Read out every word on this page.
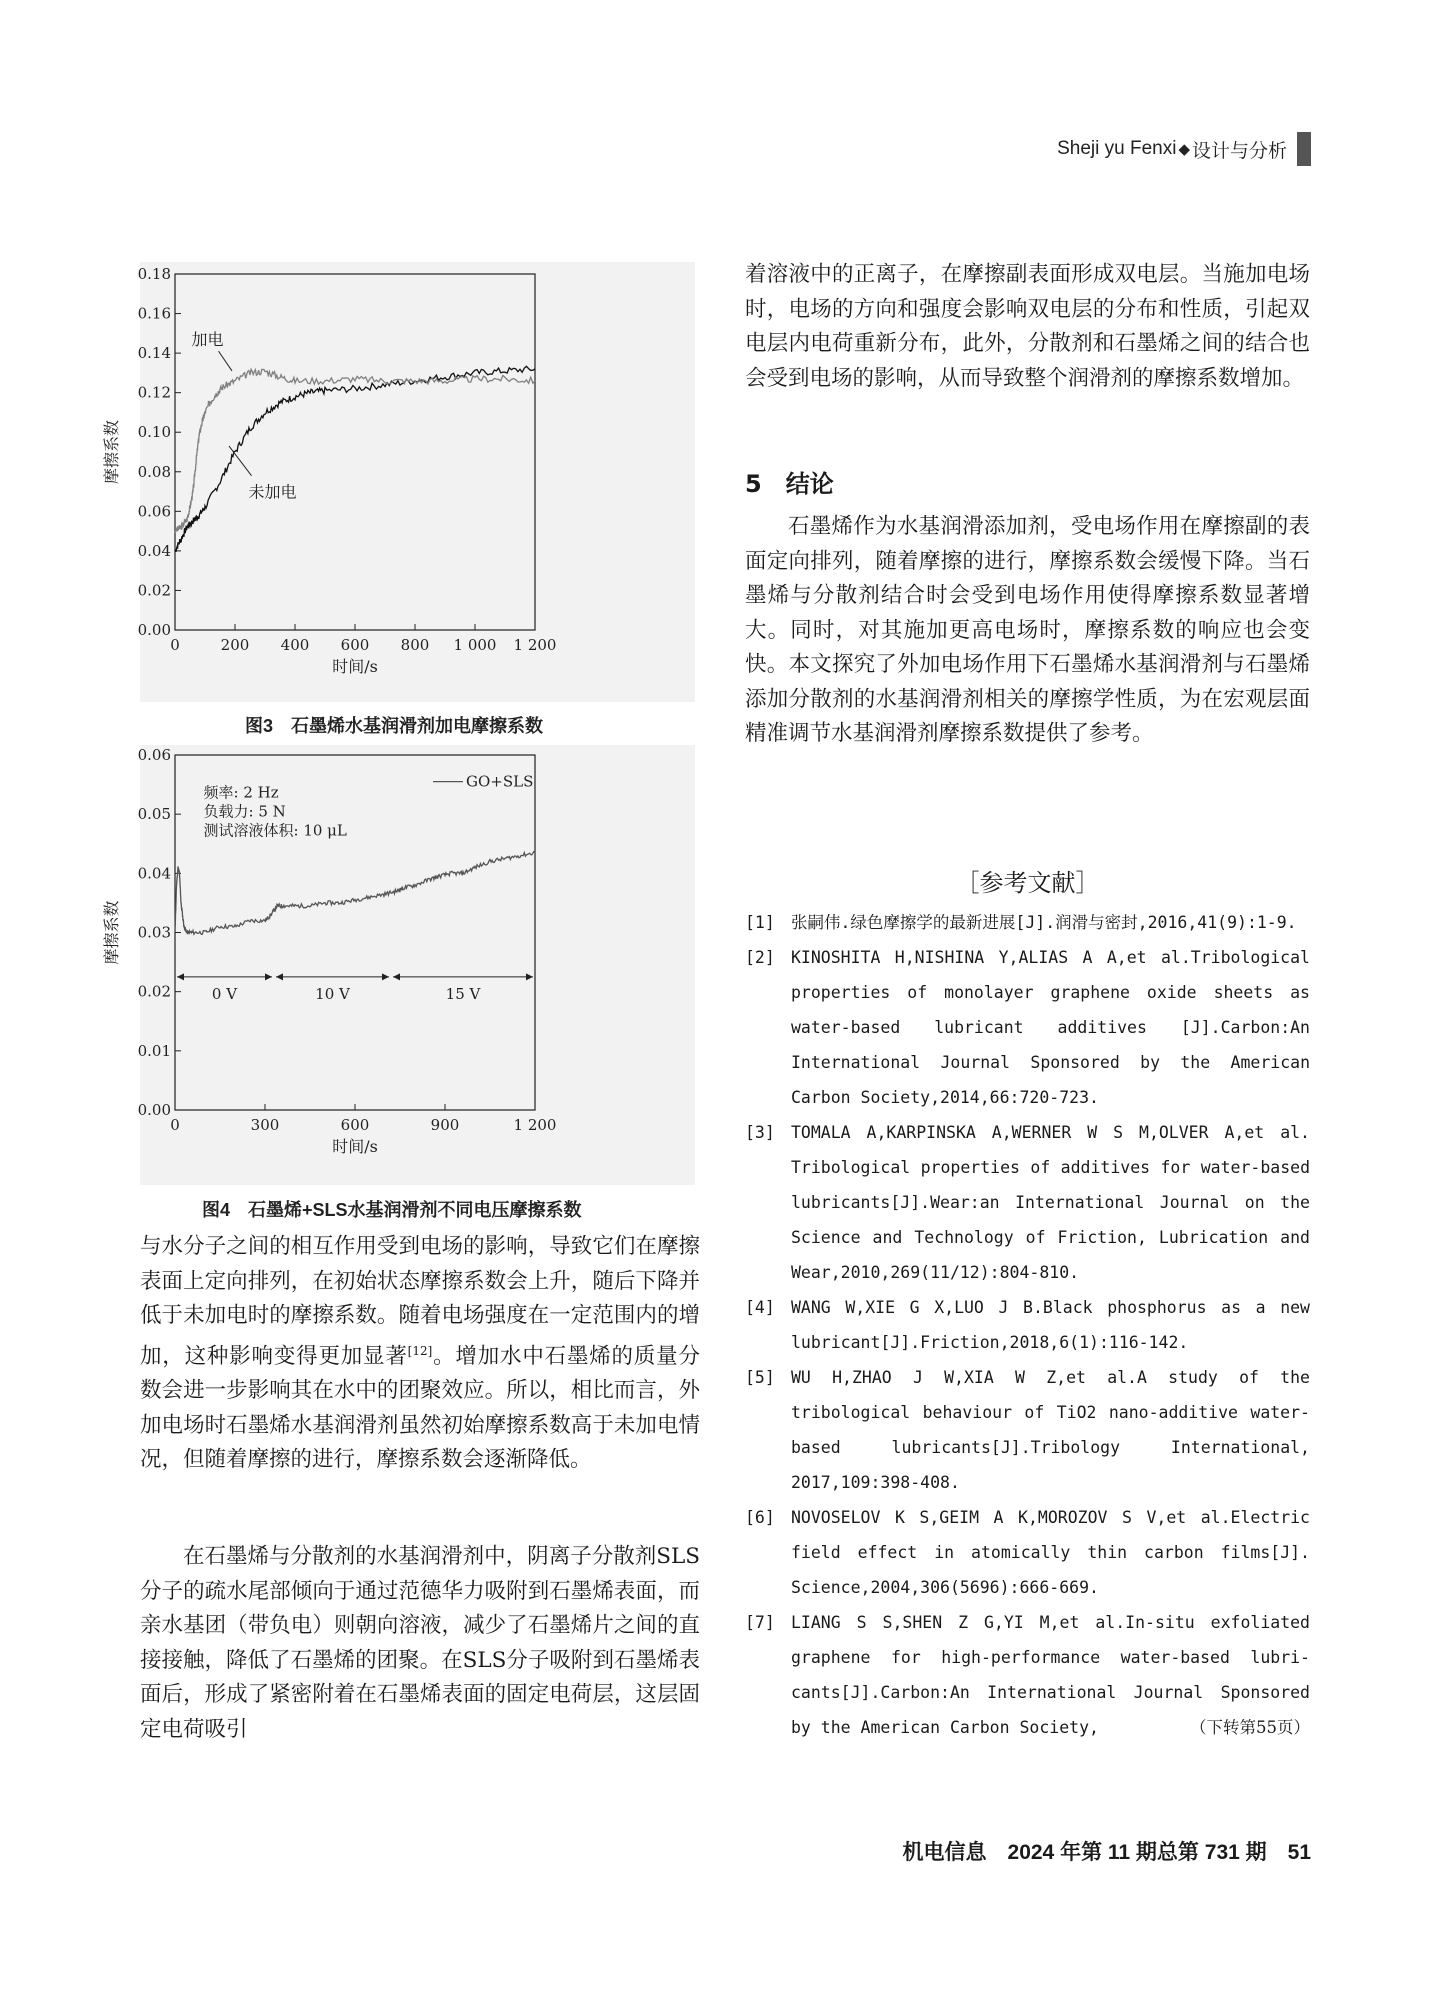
Sheji yu Fenxi ◆ 设计与分析
0	200 400 600 800 1 000 1 200
0.00
0.02
0.04
0.06
0.08
0.10
0.12
0.14
0.16
0.18
时间/s
摩擦系数
加电
未加电
图3　石墨烯水基润滑剂加电摩擦系数
0	300	600	900	1 200
0.00
0.01
0.02
0.03
0.04
0.05
0.06
时间/s
摩擦系数
GO+SLS
频率: 2 Hz
负载力: 5 N
测试溶液体积: 10 μL
0 V	10 V	15 V
图4　石墨烯+SLS水基润滑剂不同电压摩擦系数
与水分子之间的相互作用受到电场的影响，导致它们在摩擦表面上定向排列，在初始状态摩擦系数会上升，随后下降并低于未加电时的摩擦系数。随着电场强度在一定范围内的增加，这种影响变得更加显著[12]。增加水中石墨烯的质量分数会进一步影响其在水中的团聚效应。所以，相比而言，外加电场时石墨烯水基润滑剂虽然初始摩擦系数高于未加电情况，但随着摩擦的进行，摩擦系数会逐渐降低。
在石墨烯与分散剂的水基润滑剂中，阴离子分散剂SLS分子的疏水尾部倾向于通过范德华力吸附到石墨烯表面，而亲水基团（带负电）则朝向溶液，减少了石墨烯片之间的直接接触，降低了石墨烯的团聚。在SLS分子吸附到石墨烯表面后，形成了紧密附着在石墨烯表面的固定电荷层，这层固定电荷吸引
着溶液中的正离子，在摩擦副表面形成双电层。当施加电场时，电场的方向和强度会影响双电层的分布和性质，引起双电层内电荷重新分布，此外，分散剂和石墨烯之间的结合也会受到电场的影响，从而导致整个润滑剂的摩擦系数增加。
5　结论
石墨烯作为水基润滑添加剂，受电场作用在摩擦副的表面定向排列，随着摩擦的进行，摩擦系数会缓慢下降。当石墨烯与分散剂结合时会受到电场作用使得摩擦系数显著增大。同时，对其施加更高电场时，摩擦系数的响应也会变快。本文探究了外加电场作用下石墨烯水基润滑剂与石墨烯添加分散剂的水基润滑剂相关的摩擦学性质，为在宏观层面精准调节水基润滑剂摩擦系数提供了参考。
［参考文献］
[1] 张嗣伟.绿色摩擦学的最新进展[J].润滑与密封,2016,41(9):1-9.
[2] KINOSHITA H,NISHINA Y,ALIAS A A,et al.Tribological properties of monolayer graphene oxide sheets as water-based lubricant additives [J].Carbon:An International Journal Sponsored by the American Carbon Society,2014,66:720-723.
[3] TOMALA A,KARPINSKA A,WERNER W S M,OLVER A,et al. Tribological properties of additives for water-based lubricants[J].Wear:an International Journal on the Science and Technology of Friction, Lubrication and Wear,2010,269(11/12):804-810.
[4] WANG W,XIE G X,LUO J B.Black phosphorus as a new lubricant[J].Friction,2018,6(1):116-142.
[5] WU H,ZHAO J W,XIA W Z,et al.A study of the tribological behaviour of TiO2 nano-additive water-based lubricants[J].Tribology International, 2017,109:398-408.
[6] NOVOSELOV K S,GEIM A K,MOROZOV S V,et al.Electric field effect in atomically thin carbon films[J]. Science,2004,306(5696):666-669.
[7] LIANG S S,SHEN Z G,YI M,et al.In-situ exfoliated graphene for high-performance water-based lubri-cants[J].Carbon:An International Journal Sponsored by the American Carbon Society,	（下转第55页）
机电信息　2024 年第 11 期总第 731 期　51
